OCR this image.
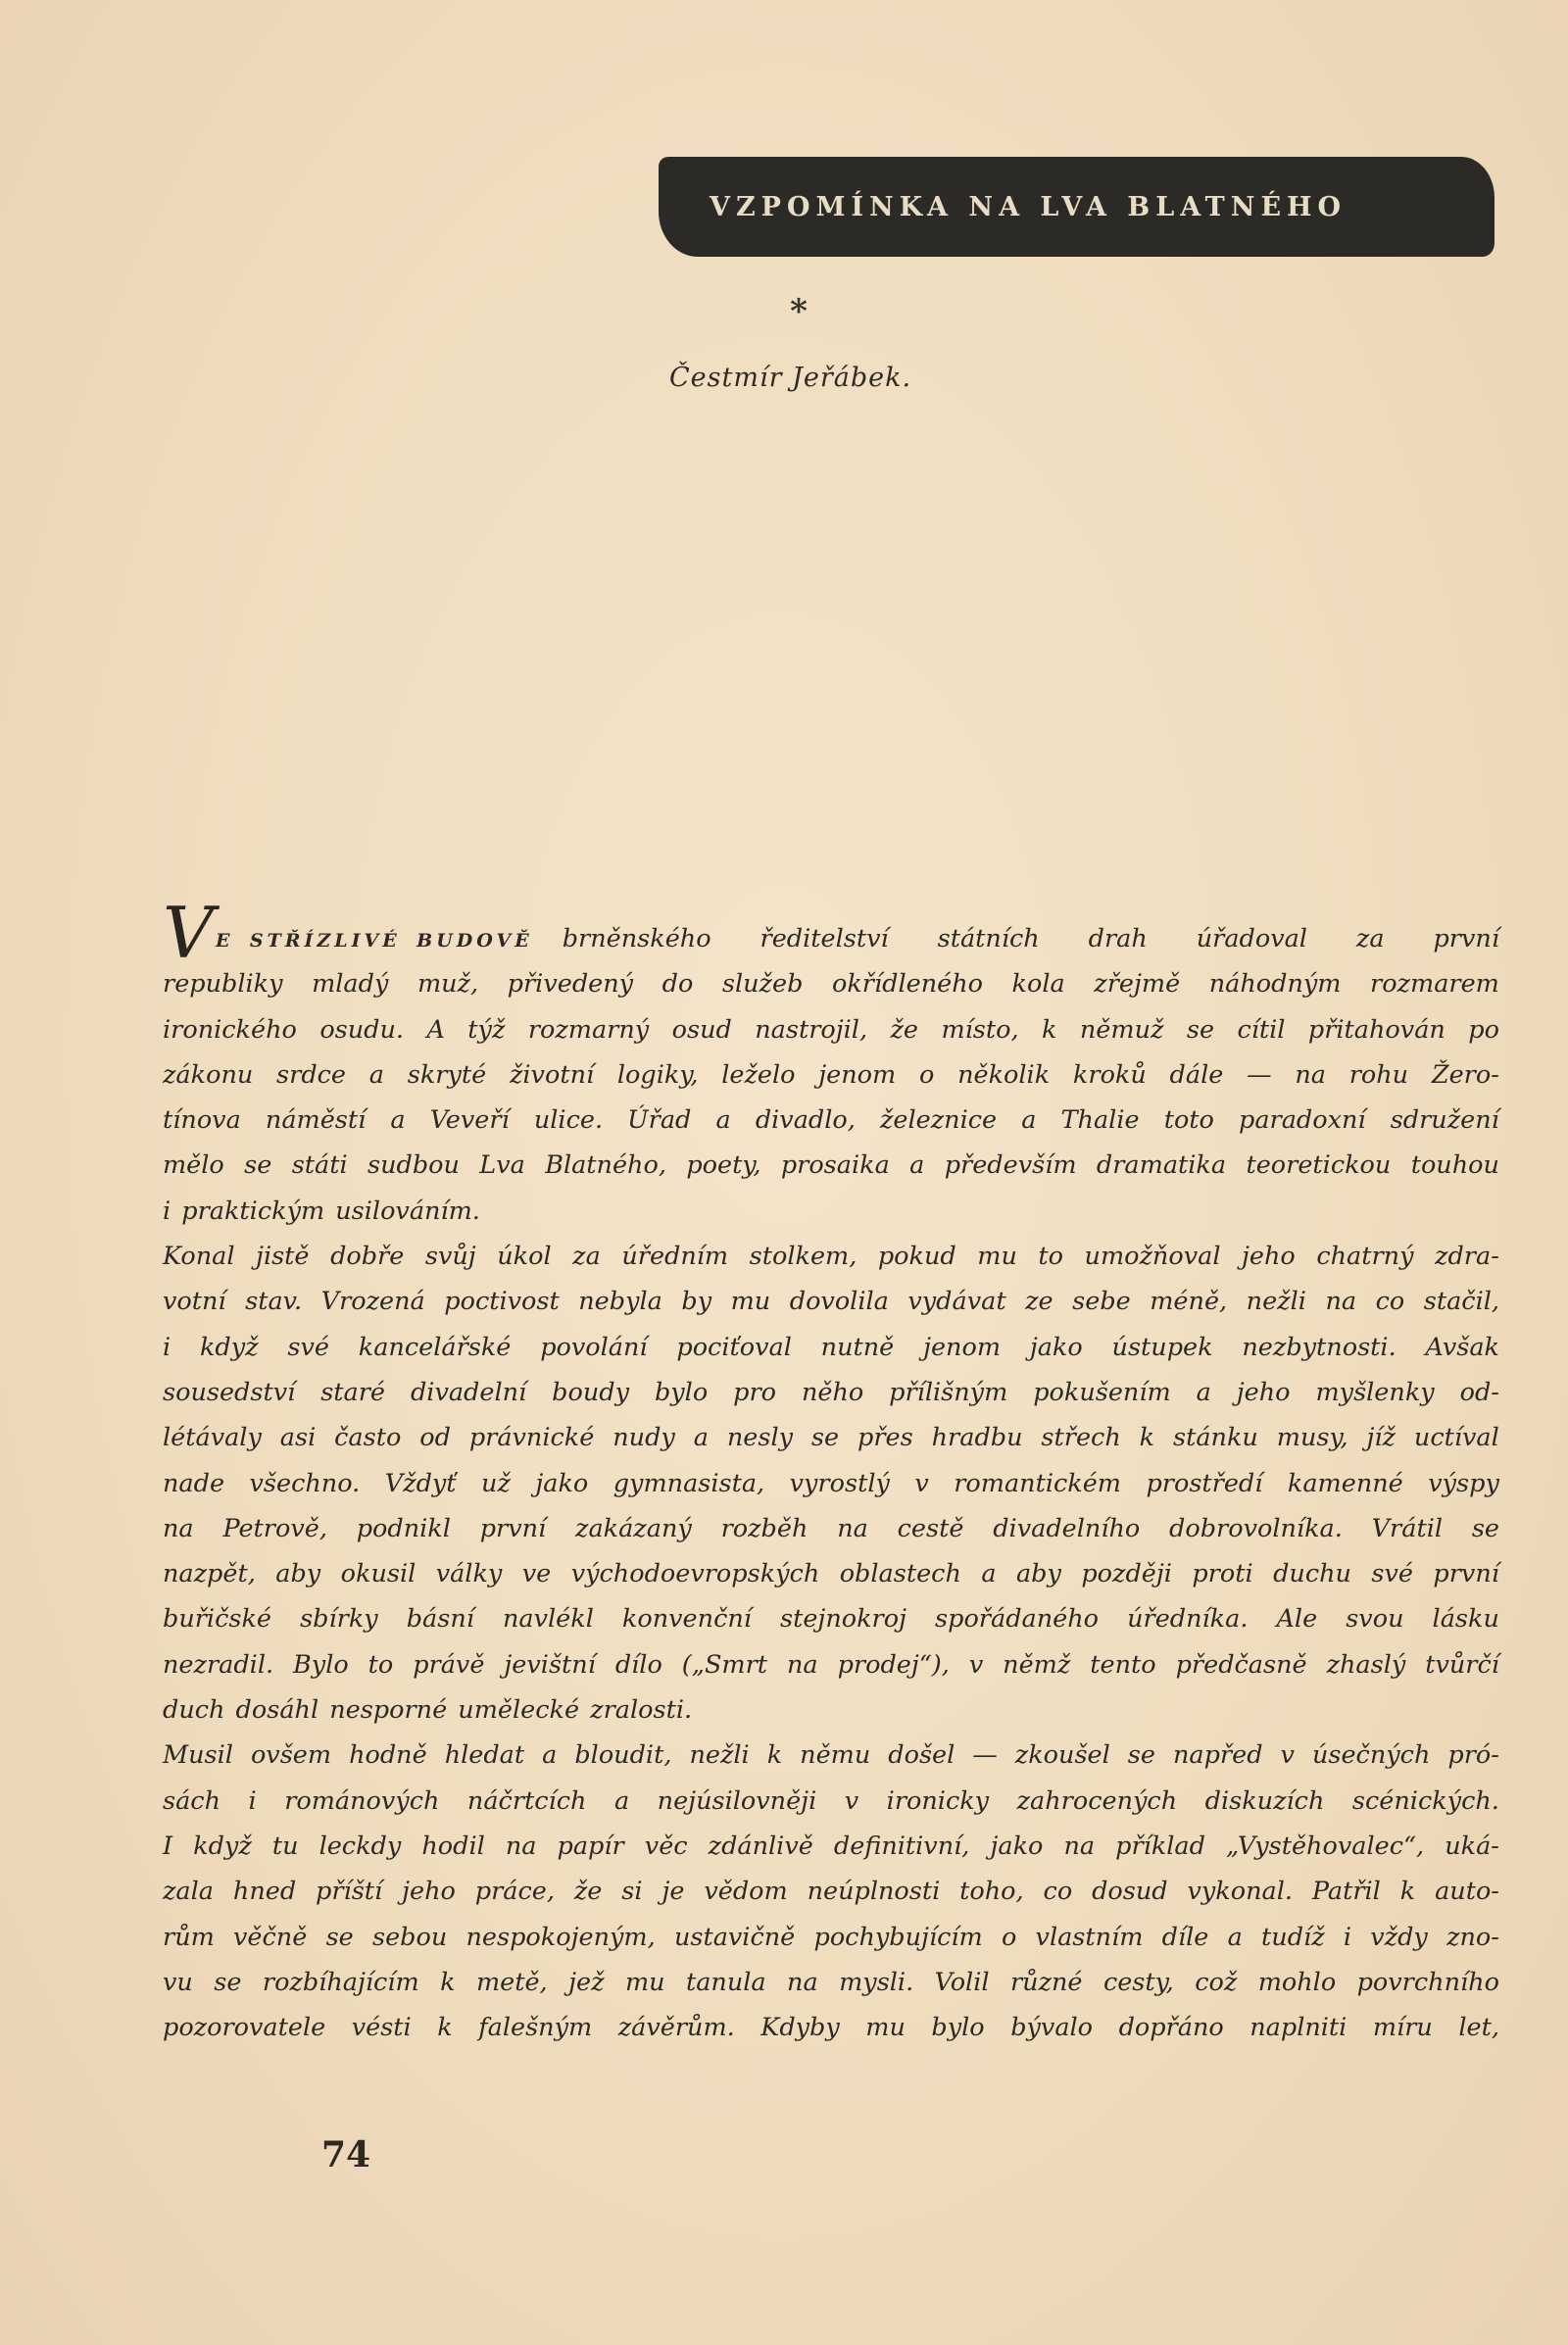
VZPOMÍNKA NA LVA BLATNÉHO
*
Čestmír Jeřábek.
V e střízlivé budově brněnského ředitelství státních drah úřadoval za první
republiky mladý muž, přivedený do služeb okřídleného kola zřejmě náhodným rozmarem
ironického osudu. A týž rozmarný osud nastrojil, že místo, k němuž se cítil přitahován po
zákonu srdce a skryté životní logiky, leželo jenom o několik kroků dále — na rohu Žero-
tínova náměstí a Veveří ulice. Úřad a divadlo, železnice a Thalie toto paradoxní sdružení
mělo se státi sudbou Lva Blatného, poety, prosaika a především dramatika teoretickou touhou
i praktickým usilováním.
Konal jistě dobře svůj úkol za úředním stolkem, pokud mu to umožňoval jeho chatrný zdra-
votní stav. Vrozená poctivost nebyla by mu dovolila vydávat ze sebe méně, nežli na co stačil,
i když své kancelářské povolání pociťoval nutně jenom jako ústupek nezbytnosti. Avšak
sousedství staré divadelní boudy bylo pro něho přílišným pokušením a jeho myšlenky od-
létávaly asi často od právnické nudy a nesly se přes hradbu střech k stánku musy, jíž uctíval
nade všechno. Vždyť už jako gymnasista, vyrostlý v romantickém prostředí kamenné výspy
na Petrově, podnikl první zakázaný rozběh na cestě divadelního dobrovolníka. Vrátil se
nazpět, aby okusil války ve východoevropských oblastech a aby později proti duchu své první
buřičské sbírky básní navlékl konvenční stejnokroj spořádaného úředníka. Ale svou lásku
nezradil. Bylo to právě jevištní dílo („Smrt na prodej“), v němž tento předčasně zhaslý tvůrčí
duch dosáhl nesporné umělecké zralosti.
Musil ovšem hodně hledat a bloudit, nežli k němu došel — zkoušel se napřed v úsečných pró-
sách i románových náčrtcích a nejúsilovněji v ironicky zahrocených diskuzích scénických.
I když tu leckdy hodil na papír věc zdánlivě definitivní, jako na příklad „Vystěhovalec“, uká-
zala hned příští jeho práce, že si je vědom neúplnosti toho, co dosud vykonal. Patřil k auto-
rům věčně se sebou nespokojeným, ustavičně pochybujícím o vlastním díle a tudíž i vždy zno-
vu se rozbíhajícím k metě, jež mu tanula na mysli. Volil různé cesty, což mohlo povrchního
pozorovatele vésti k falešným závěrům. Kdyby mu bylo bývalo dopřáno naplniti míru let,
74
